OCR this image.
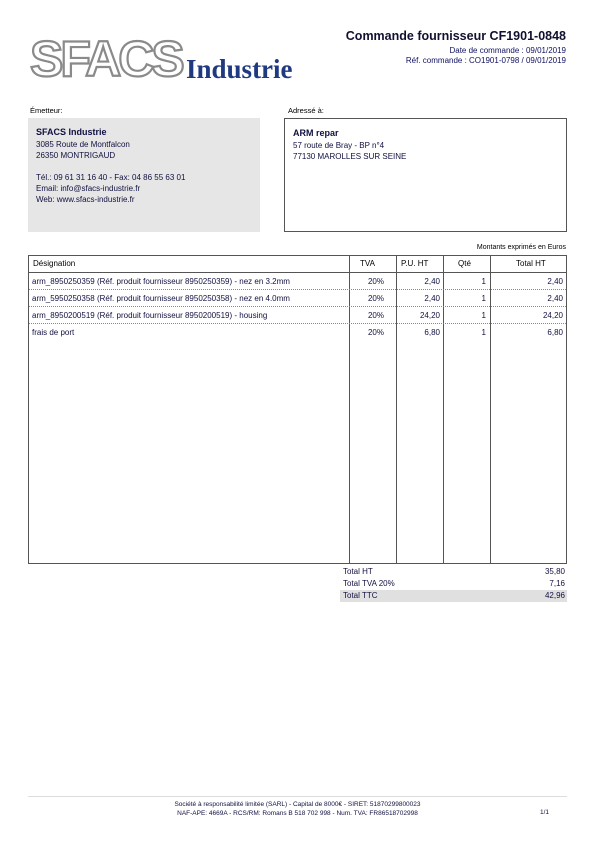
SFACS Industrie
Commande fournisseur CF1901-0848
Date de commande : 09/01/2019
Réf. commande : CO1901-0798 / 09/01/2019
Émetteur:
SFACS Industrie
3085 Route de Montfalcon
26350 MONTRIGAUD
Tél.: 09 61 31 16 40 - Fax: 04 86 55 63 01
Email: info@sfacs-industrie.fr
Web: www.sfacs-industrie.fr
Adressé à:
ARM repar
57 route de Bray - BP n°4
77130 MAROLLES SUR SEINE
Montants exprimés en Euros
Désignation	TVA	P.U. HT	Qté	Total HT
arm_8950250359 (Réf. produit fournisseur 8950250359) - nez en 3.2mm	20%	2,40	1	2,40
arm_5950250358 (Réf. produit fournisseur 8950250358) - nez en 4.0mm	20%	2,40	1	2,40
arm_8950200519 (Réf. produit fournisseur 8950200519) - housing	20%	24,20	1	24,20
frais de port	20%	6,80	1	6,80
Total HT	35,80
Total TVA 20%	7,16
Total TTC	42,96
Société à responsabilité limitée (SARL) - Capital de 8000€ - SIRET: 51870299800023
NAF-APE: 4669A - RCS/RM: Romans B 518 702 998 - Num. TVA: FR86518702998	1/1
